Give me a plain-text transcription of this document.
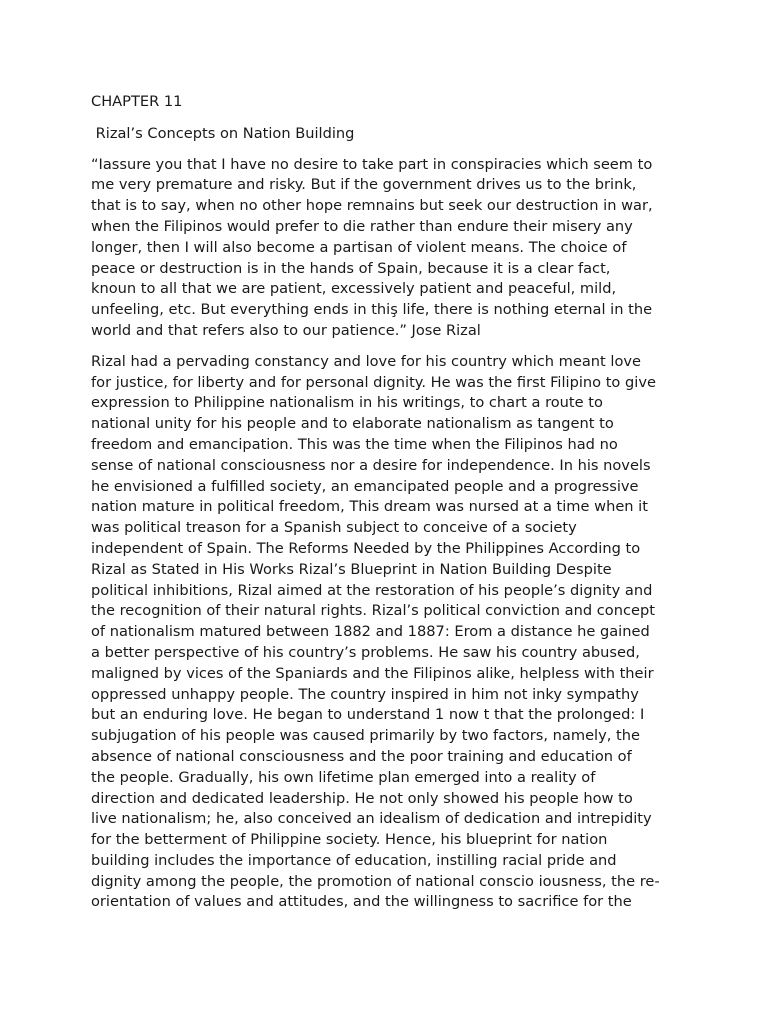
CHAPTER 11
Rizal’s Concepts on Nation Building
“Iassure you that I have no desire to take part in conspiracies which seem to
me very premature and risky. But if the government drives us to the brink,
that is to say, when no other hope remnains but seek our destruction in war,
when the Filipinos would prefer to die rather than endure their misery any
longer, then I will also become a partisan of violent means. The choice of
peace or destruction is in the hands of Spain, because it is a clear fact,
knoun to all that we are patient, excessively patient and peaceful, mild,
unfeeling, etc. But everything ends in thiş life, there is nothing eternal in the
world and that refers also to our patience.” Jose Rizal
Rizal had a pervading constancy and love for his country which meant love
for justice, for liberty and for personal dignity. He was the first Filipino to give
expression to Philippine nationalism in his writings, to chart a route to
national unity for his people and to elaborate nationalism as tangent to
freedom and emancipation. This was the time when the Filipinos had no
sense of national consciousness nor a desire for independence. In his novels
he envisioned a fulfilled society, an emancipated people and a progressive
nation mature in political freedom, This dream was nursed at a time when it
was political treason for a Spanish subject to conceive of a society
independent of Spain. The Reforms Needed by the Philippines According to
Rizal as Stated in His Works Rizal’s Blueprint in Nation Building Despite
political inhibitions, Rizal aimed at the restoration of his people’s dignity and
the recognition of their natural rights. Rizal’s political conviction and concept
of nationalism matured between 1882 and 1887: Erom a distance he gained
a better perspective of his country’s problems. He saw his country abused,
maligned by vices of the Spaniards and the Filipinos alike, helpless with their
oppressed unhappy people. The country inspired in him not inky sympathy
but an enduring love. He began to understand 1 now t that the prolonged: I
subjugation of his people was caused primarily by two factors, namely, the
absence of national consciousness and the poor training and education of
the people. Gradually, his own lifetime plan emerged into a reality of
direction and dedicated leadership. He not only showed his people how to
live nationalism; he, also conceived an idealism of dedication and intrepidity
for the betterment of Philippine society. Hence, his blueprint for nation
building includes the importance of education, instilling racial pride and
dignity among the people, the promotion of national conscio iousness, the re-
orientation of values and attitudes, and the willingness to sacrifice for the
